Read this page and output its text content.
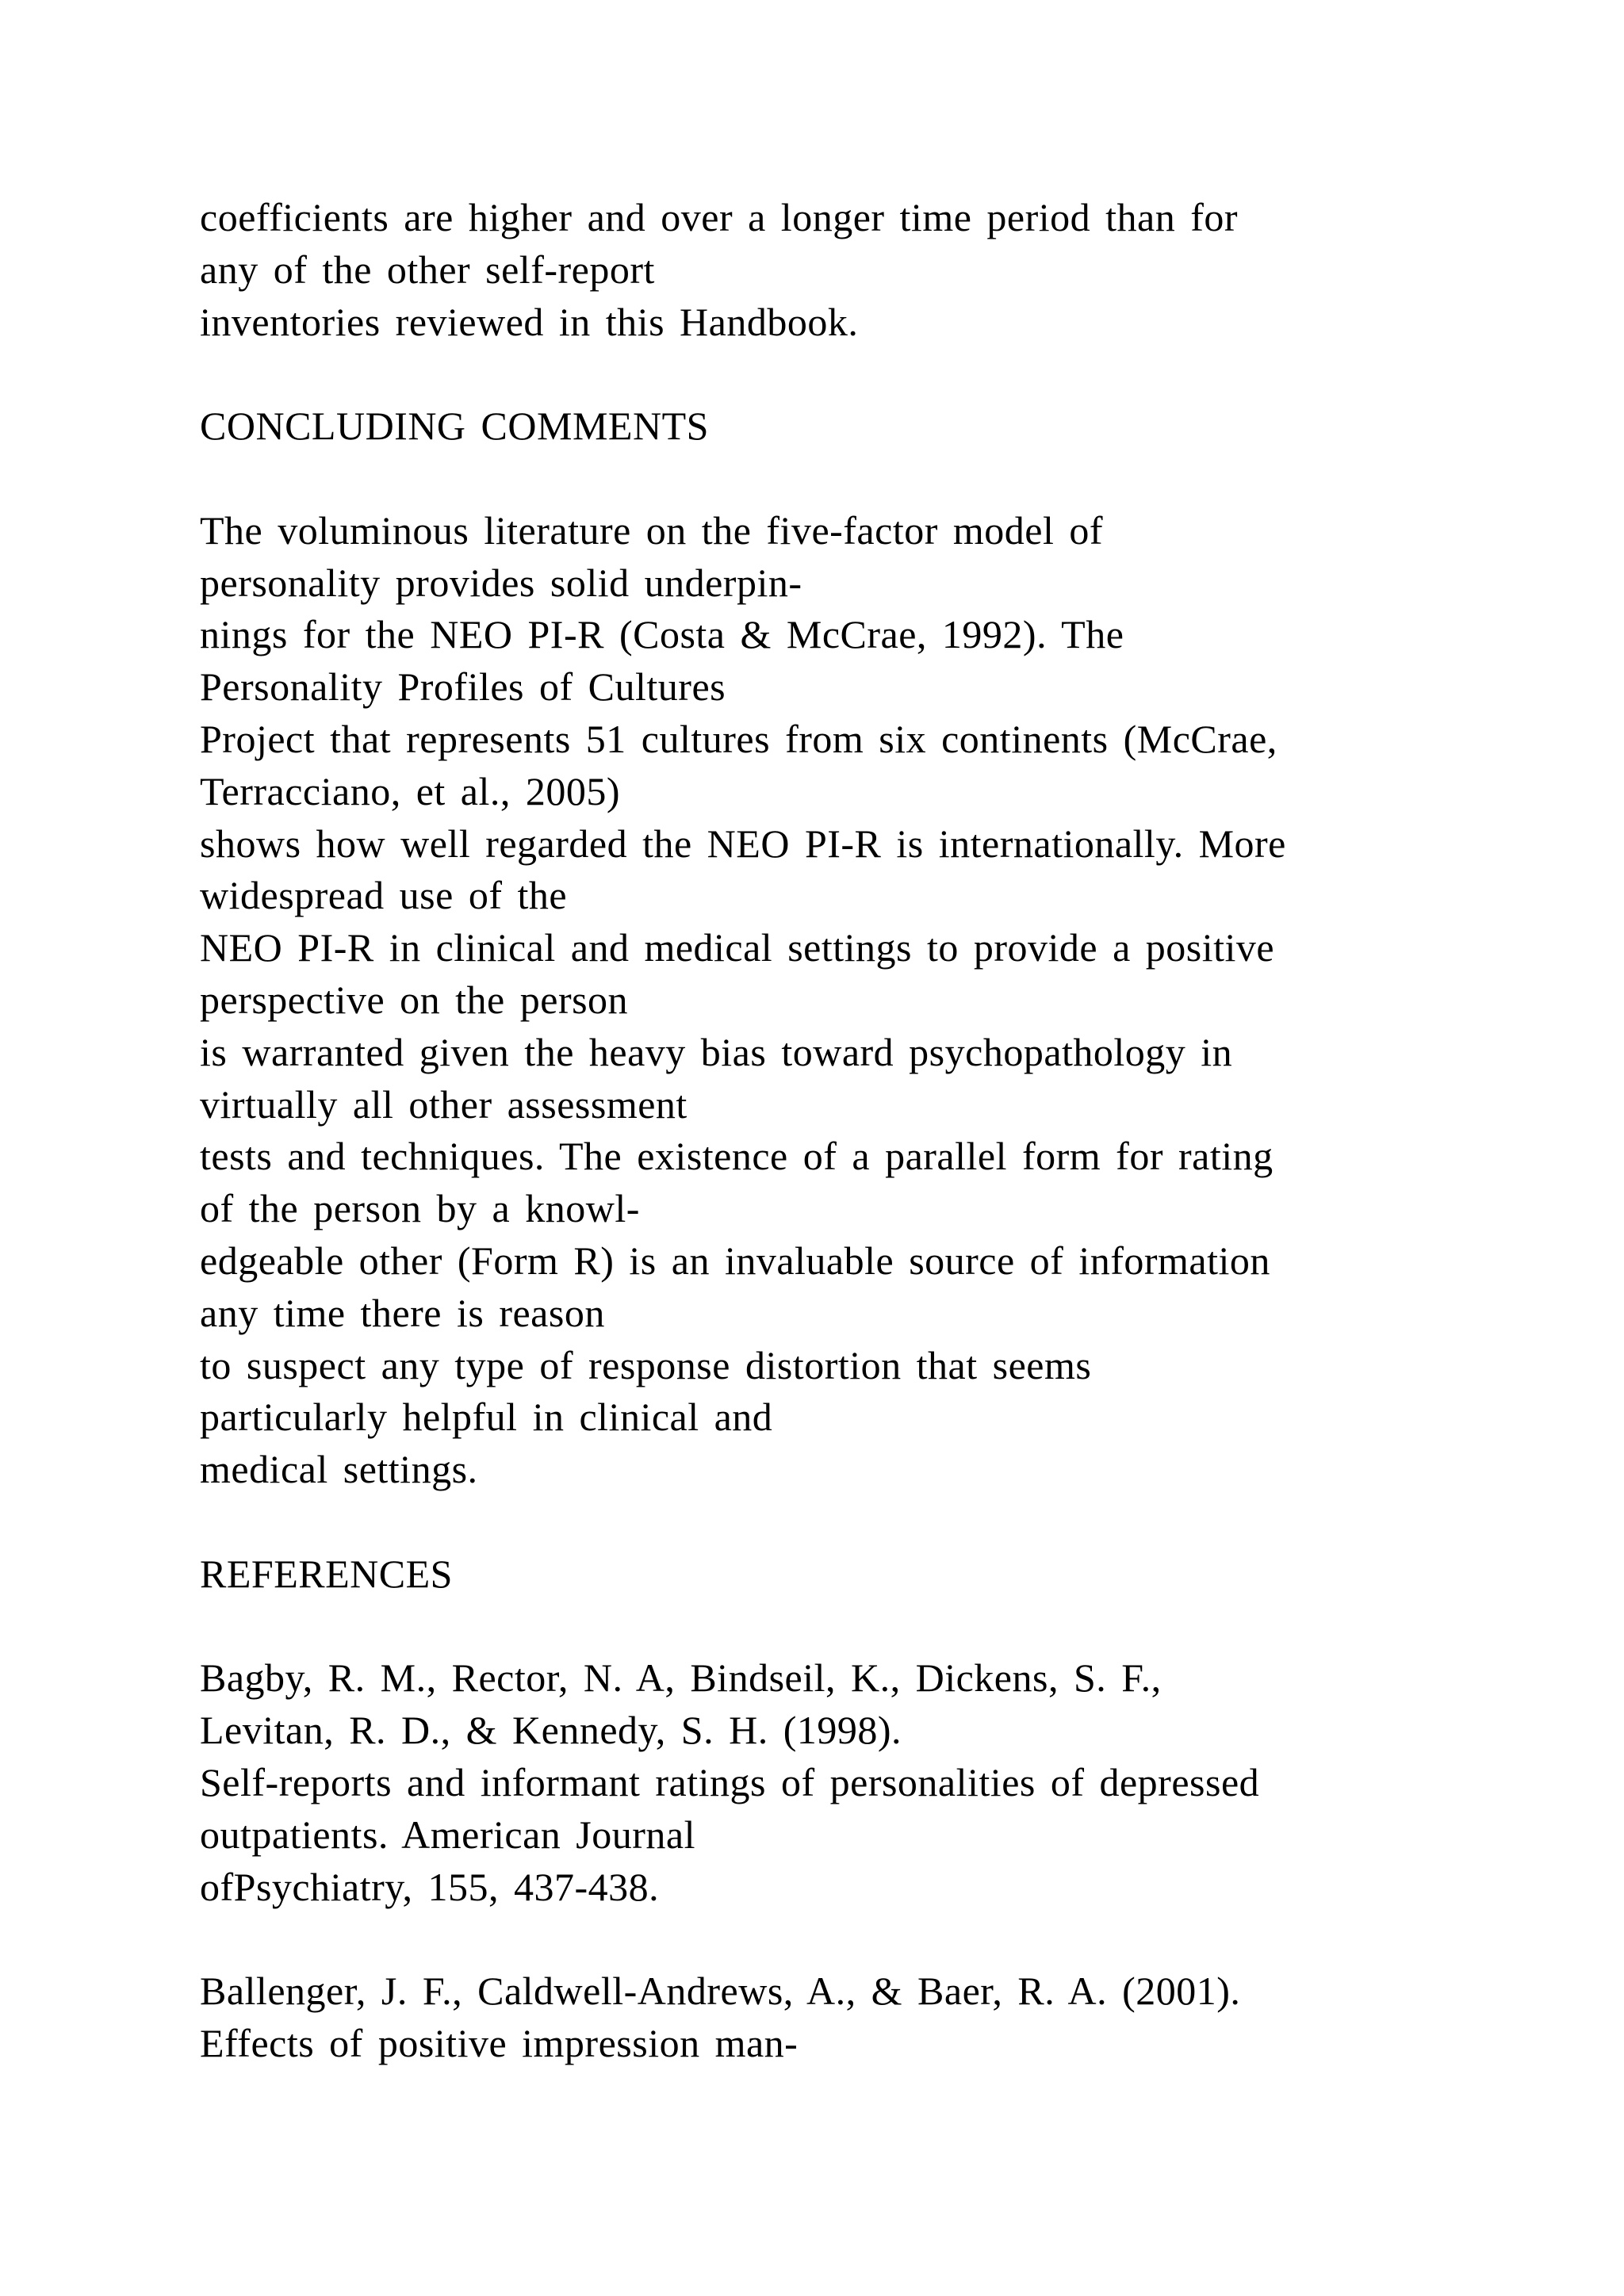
coefficients are higher and over a longer time period than for
any of the other self-report
inventories reviewed in this Handbook.
CONCLUDING COMMENTS
The voluminous literature on the five-factor model of
personality provides solid underpin-
nings for the NEO PI-R (Costa & McCrae, 1992). The
Personality Profiles of Cultures
Project that represents 51 cultures from six continents (McCrae,
Terracciano, et al., 2005)
shows how well regarded the NEO PI-R is internationally. More
widespread use of the
NEO PI-R in clinical and medical settings to provide a positive
perspective on the person
is warranted given the heavy bias toward psychopathology in
virtually all other assessment
tests and techniques. The existence of a parallel form for rating
of the person by a knowl-
edgeable other (Form R) is an invaluable source of information
any time there is reason
to suspect any type of response distortion that seems
particularly helpful in clinical and
medical settings.
REFERENCES
Bagby, R. M., Rector, N. A, Bindseil, K., Dickens, S. F.,
Levitan, R. D., & Kennedy, S. H. (1998).
Self-reports and informant ratings of personalities of depressed
outpatients. American Journal
ofPsychiatry, 155, 437-438.
Ballenger, J. F., Caldwell-Andrews, A., & Baer, R. A. (2001).
Effects of positive impression man-
